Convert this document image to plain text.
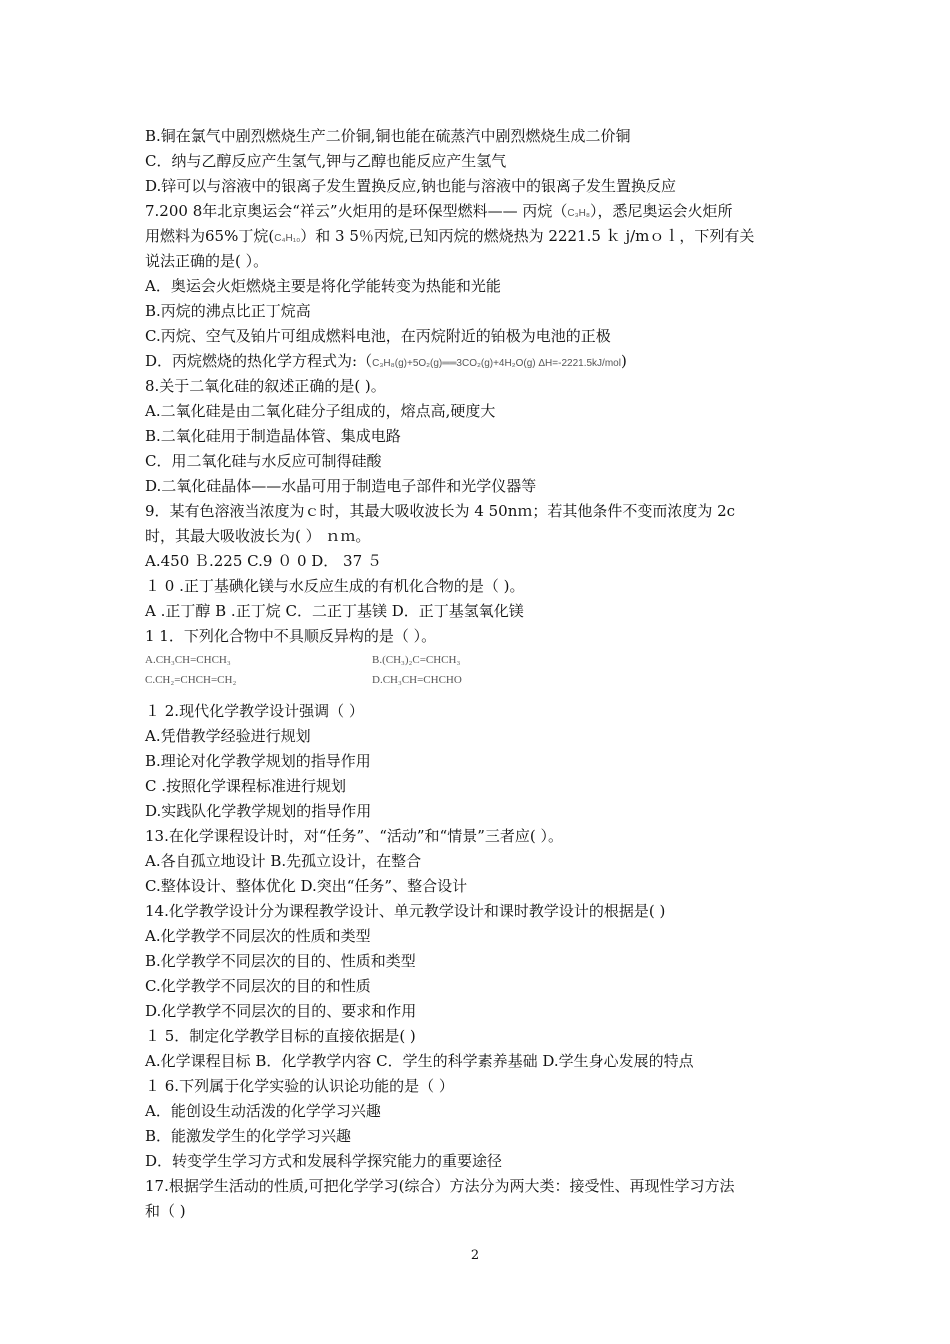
B.铜在氯气中剧烈燃烧生产二价铜,铜也能在硫蒸汽中剧烈燃烧生成二价铜
C．纳与乙醇反应产生氢气,钾与乙醇也能反应产生氢气
D.锌可以与溶液中的银离子发生置换反应,钠也能与溶液中的银离子发生置换反应
7.200 8年北京奥运会“祥云”火炬用的是环保型燃料—— 丙烷（C₃H₈），悉尼奥运会火炬所
用燃料为65%丁烷(C₄H₁₀）和 3 5％丙烷,已知丙烷的燃烧热为 2221.5 ｋ j/mｏｌ，下列有关
说法正确的是( ）。
A．奥运会火炬燃烧主要是将化学能转变为热能和光能
B.丙烷的沸点比正丁烷高
C.丙烷、空气及铂片可组成燃料电池，在丙烷附近的铂极为电池的正极
D．丙烷燃烧的热化学方程式为:（C₃H₈(g)+5O₂(g)══3CO₂(g)+4H₂O(g) ΔH=-2221.5kJ/mol)
8.关于二氧化硅的叙述正确的是( )。
A.二氧化硅是由二氧化硅分子组成的，熔点高,硬度大
B.二氧化硅用于制造晶体管、集成电路
C．用二氧化硅与水反应可制得硅酸
D.二氧化硅晶体——水晶可用于制造电子部件和光学仪器等
9．某有色溶液当浓度为ｃ时，其最大吸收波长为 4 50nｍ；若其他条件不变而浓度为 2c
时，其最大吸收波长为( ） ｎｍ。
A.450 Ｂ.225 C.9 ０ 0 D． 37 ５
１ 0 .正丁基碘化镁与水反应生成的有机化合物的是（ )。
A .正丁醇 B .正丁烷 C．二正丁基镁 D．正丁基氢氧化镁
1 1．下列化合物中不具顺反异构的是（ ）。
A.CH₃CH=CHCH₃	B.(CH₃)₂C=CHCH₃
C.CH₂=CHCH=CH₂	D.CH₃CH=CHCHO
１ 2.现代化学教学设计强调（ ）
A.凭借教学经验进行规划
B.理论对化学教学规划的指导作用
C .按照化学课程标准进行规划
D.实践队化学教学规划的指导作用
13.在化学课程设计时，对“任务”、“活动”和“情景”三者应( ）。
A.各自孤立地设计 B.先孤立设计，在整合
C.整体设计、整体优化 D.突出“任务”、整合设计
14.化学教学设计分为课程教学设计、单元教学设计和课时教学设计的根据是( )
A.化学教学不同层次的性质和类型
B.化学教学不同层次的目的、性质和类型
C.化学教学不同层次的目的和性质
D.化学教学不同层次的目的、要求和作用
１ 5．制定化学教学目标的直接依据是( )
A.化学课程目标 B．化学教学内容 C．学生的科学素养基础 D.学生身心发展的特点
１ 6.下列属于化学实验的认识论功能的是（ ）
A．能创设生动活泼的化学学习兴趣
B．能激发学生的化学学习兴趣
D．转变学生学习方式和发展科学探究能力的重要途径
17.根据学生活动的性质,可把化学学习(综合）方法分为两大类：接受性、再现性学习方法
和（ )
2
